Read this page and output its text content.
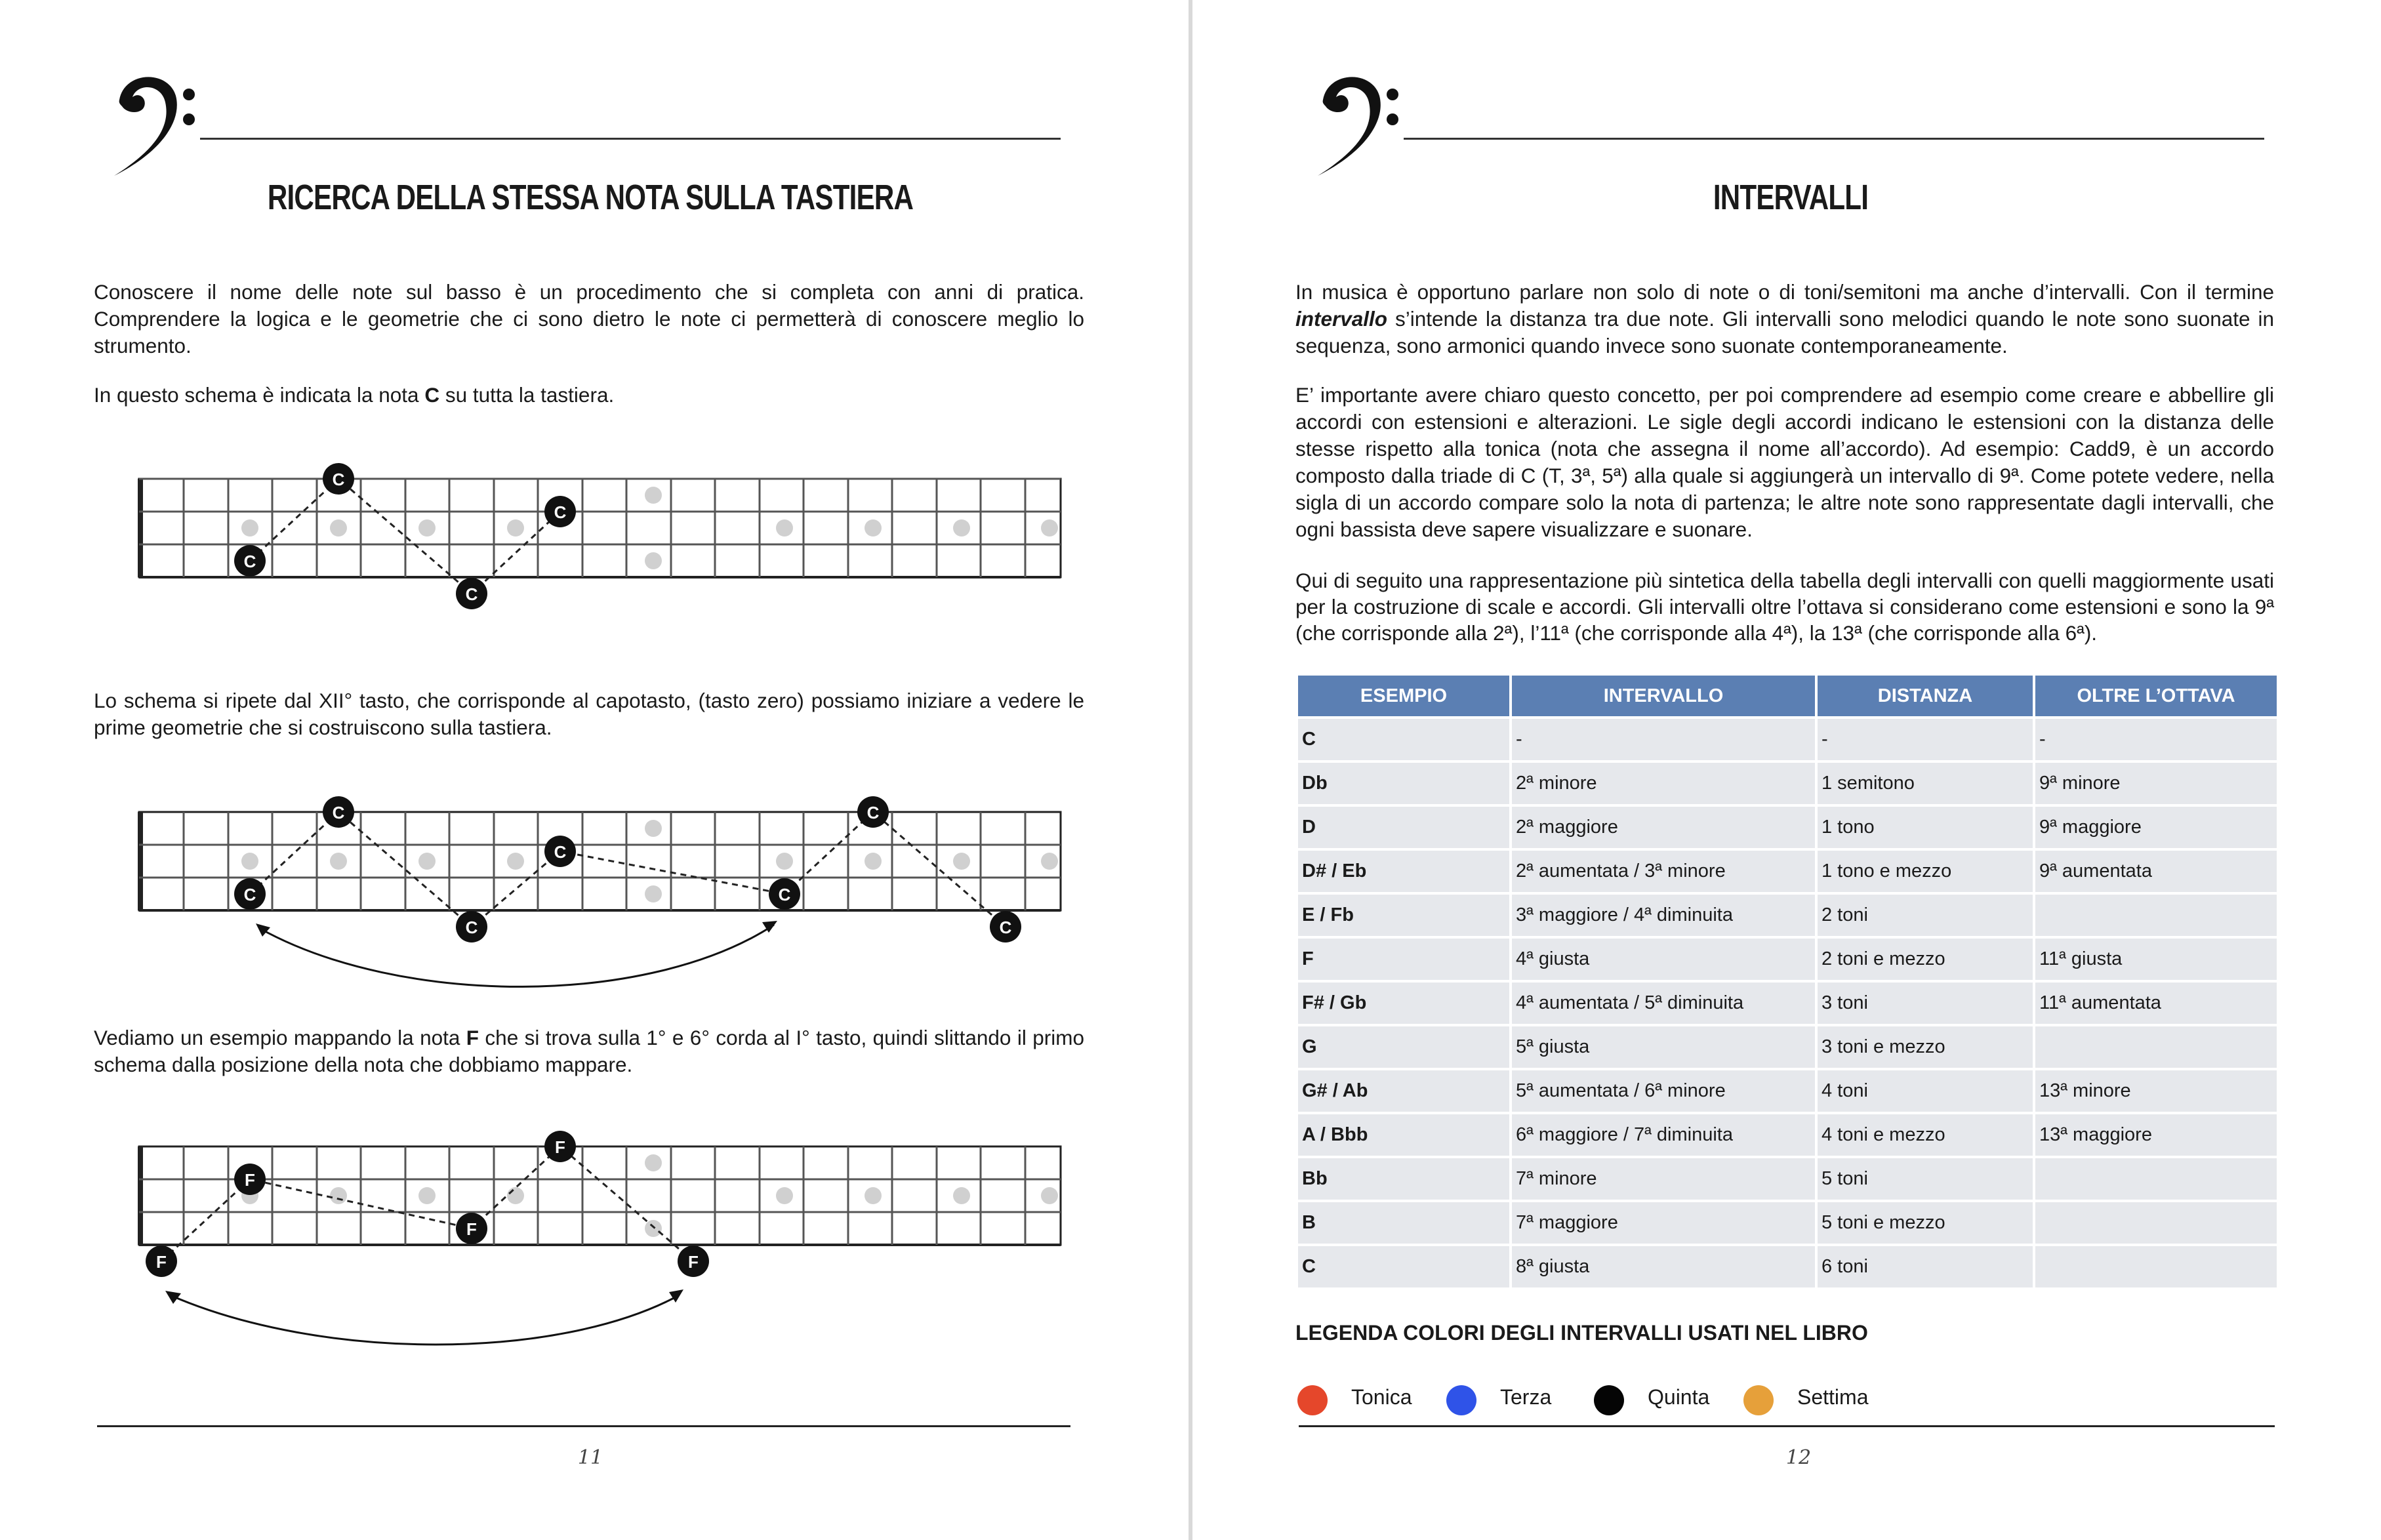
RICERCA DELLA STESSA NOTA SULLA TASTIERA

Conoscere il nome delle note sul basso è un procedimento che si completa con anni di pratica. Comprendere la logica e le geometrie che ci sono dietro le note ci permetterà di conoscere meglio lo strumento.

In questo schema è indicata la nota C su tutta la tastiera.

C
C
C
C

Lo schema si ripete dal XII° tasto, che corrisponde al capotasto, (tasto zero) possiamo iniziare a vedere le prime geometrie che si costruiscono sulla tastiera.

C
C
C
C
C
C
C

Vediamo un esempio mappando la nota F che si trova sulla 1° e 6° corda al I° tasto, quindi slittando il primo schema dalla posizione della nota che dobbiamo mappare.

F
F
F
F
F
11
INTERVALLI

In musica è opportuno parlare non solo di note o di toni/semitoni ma anche d’intervalli. Con il termine intervallo s’intende la distanza tra due note. Gli intervalli sono melodici quando le note sono suonate in sequenza, sono armonici quando invece sono suonate contemporaneamente.

E’ importante avere chiaro questo concetto, per poi comprendere ad esempio come creare e abbellire gli accordi con estensioni e alterazioni. Le sigle degli accordi indicano le estensioni con la distanza delle stesse rispetto alla tonica (nota che assegna il nome all’accordo). Ad esempio: Cadd9, è un accordo composto dalla triade di C (T, 3ª, 5ª) alla quale si aggiungerà un intervallo di 9ª. Come potete vedere, nella sigla di un accordo compare solo la nota di partenza; le altre note sono rappresentate dagli intervalli, che ogni bassista deve sapere visualizzare e suonare.

Qui di seguito una rappresentazione più sintetica della tabella degli intervalli con quelli maggiormente usati per la costruzione di scale e accordi. Gli intervalli oltre l’ottava si considerano come estensioni e sono la 9ª (che corrisponde alla 2ª), l’11ª (che corrisponde alla 4ª), la 13ª (che corrisponde alla 6ª).

ESEMPIO	INTERVALLO	DISTANZA	OLTRE L’OTTAVA
C	-	-	-
Db	2ª minore	1 semitono	9ª minore
D	2ª maggiore	1 tono	9ª maggiore
D# / Eb	2ª aumentata / 3ª minore	1 tono e mezzo	9ª aumentata
E / Fb	3ª maggiore / 4ª diminuita	2 toni	
F	4ª giusta	2 toni e mezzo	11ª giusta
F# / Gb	4ª aumentata / 5ª diminuita	3 toni	11ª aumentata
G	5ª giusta	3 toni e mezzo	
G# / Ab	5ª aumentata / 6ª minore	4 toni	13ª minore
A / Bbb	6ª maggiore / 7ª diminuita	4 toni e mezzo	13ª maggiore
Bb	7ª minore	5 toni	
B	7ª maggiore	5 toni e mezzo	
C	8ª giusta	6 toni	
LEGENDA COLORI DEGLI INTERVALLI USATI NEL LIBRO
Tonica	Terza	Quinta	Settima
12
